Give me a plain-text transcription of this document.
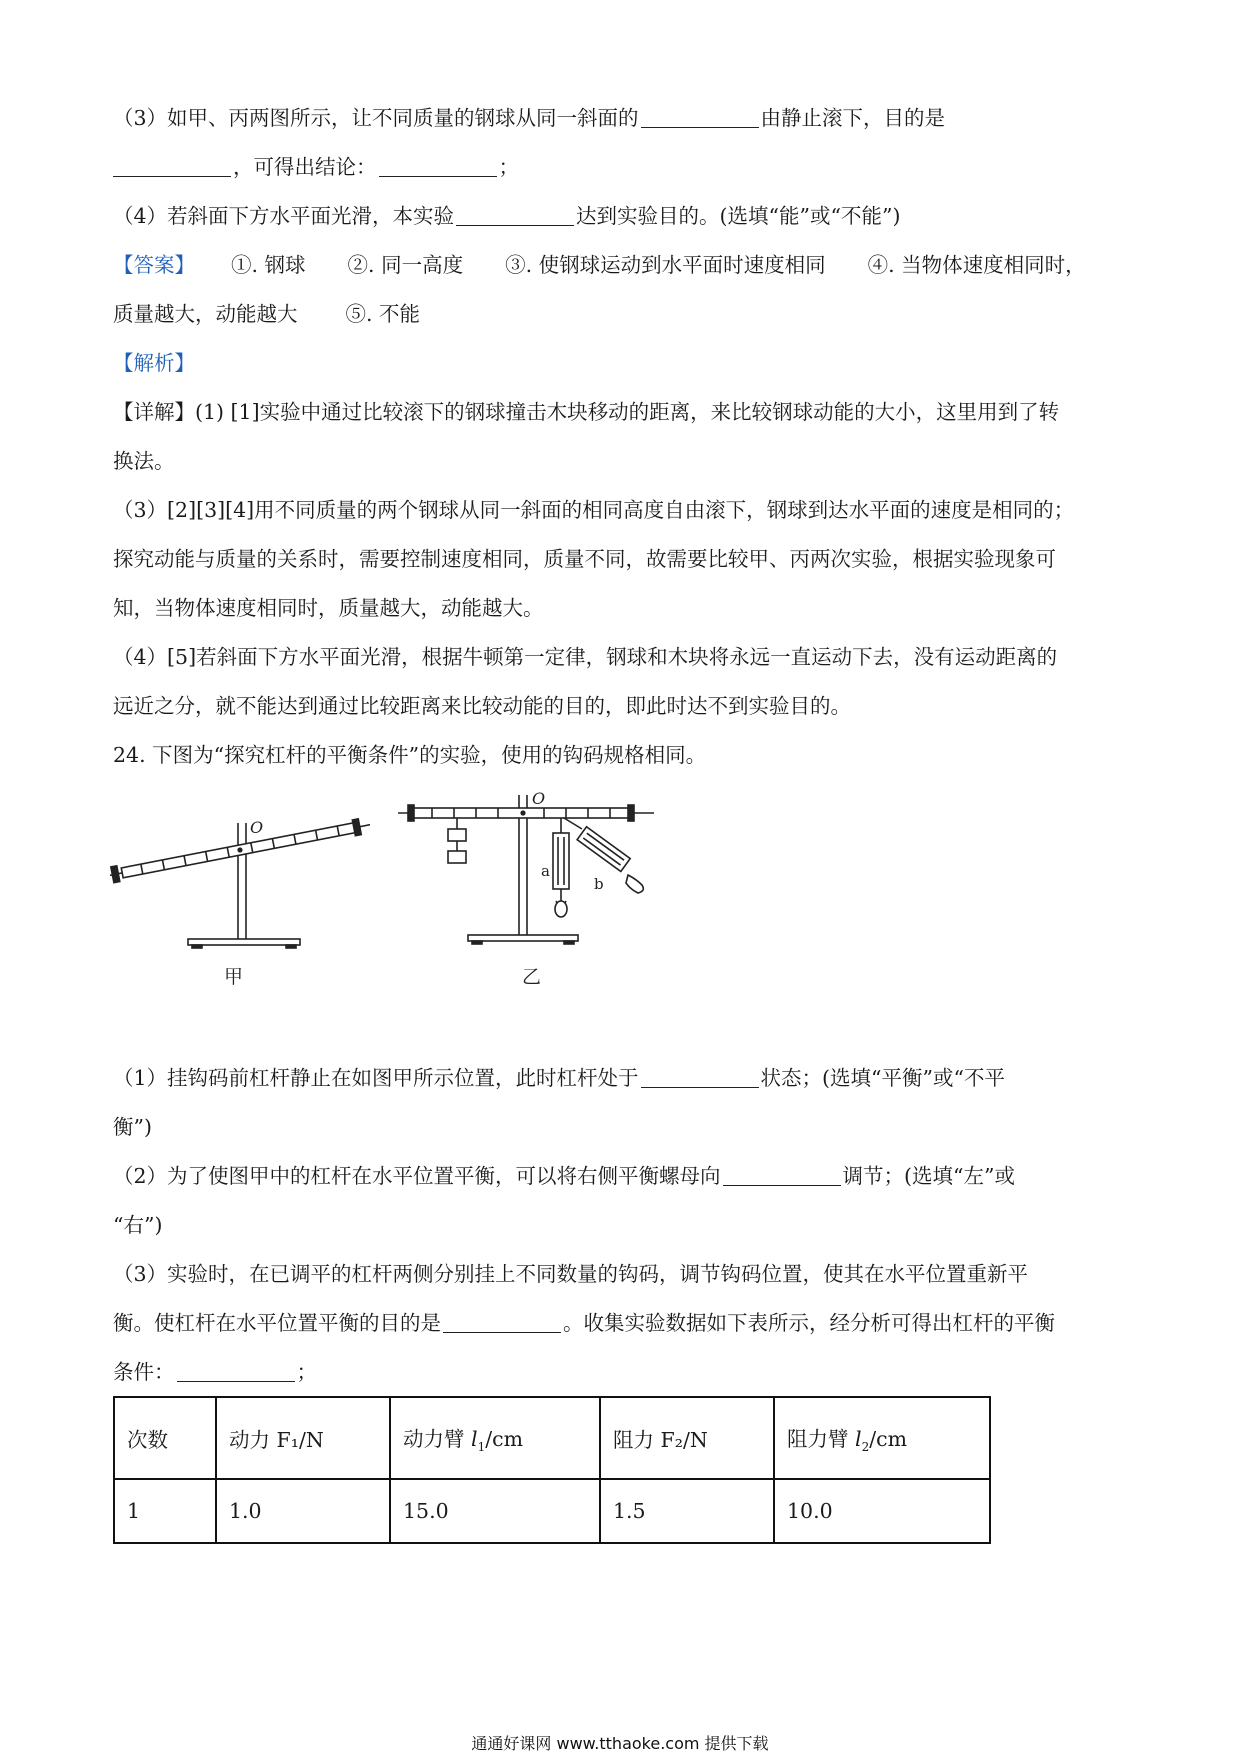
（3）如甲、丙两图所示，让不同质量的钢球从同一斜面的	由静止滚下，目的是
，可得出结论：	；
（4）若斜面下方水平面光滑，本实验	达到实验目的。(选填“能”或“不能”)
【答案】 ①. 钢球 ②. 同一高度 ③. 使钢球运动到水平面时速度相同 ④. 当物体速度相同时，
质量越大，动能越大 ⑤. 不能
【解析】
【详解】(1) [1]实验中通过比较滚下的钢球撞击木块移动的距离，来比较钢球动能的大小，这里用到了转
换法。
（3）[2][3][4]用不同质量的两个钢球从同一斜面的相同高度自由滚下，钢球到达水平面的速度是相同的；
探究动能与质量的关系时，需要控制速度相同，质量不同，故需要比较甲、丙两次实验，根据实验现象可
知，当物体速度相同时，质量越大，动能越大。
（4）[5]若斜面下方水平面光滑，根据牛顿第一定律，钢球和木块将永远一直运动下去，没有运动距离的
远近之分，就不能达到通过比较距离来比较动能的目的，即此时达不到实验目的。
24. 下图为“探究杠杆的平衡条件”的实验，使用的钩码规格相同。
O
甲
a
b
O
乙
（1）挂钩码前杠杆静止在如图甲所示位置，此时杠杆处于	状态；(选填“平衡”或“不平
衡”)
（2）为了使图甲中的杠杆在水平位置平衡，可以将右侧平衡螺母向	调节；(选填“左”或
“右”)
（3）实验时，在已调平的杠杆两侧分别挂上不同数量的钩码，调节钩码位置，使其在水平位置重新平
衡。使杠杆在水平位置平衡的目的是	。收集实验数据如下表所示，经分析可得出杠杆的平衡
条件：	；
次数	动力 F₁/N	动力臂 $l_1/cm$	阻力 F₂/N	阻力臂 $l_2/cm$
1	1.0	15.0	1.5	10.0
通通好课网 www.tthaoke.com 提供下载
